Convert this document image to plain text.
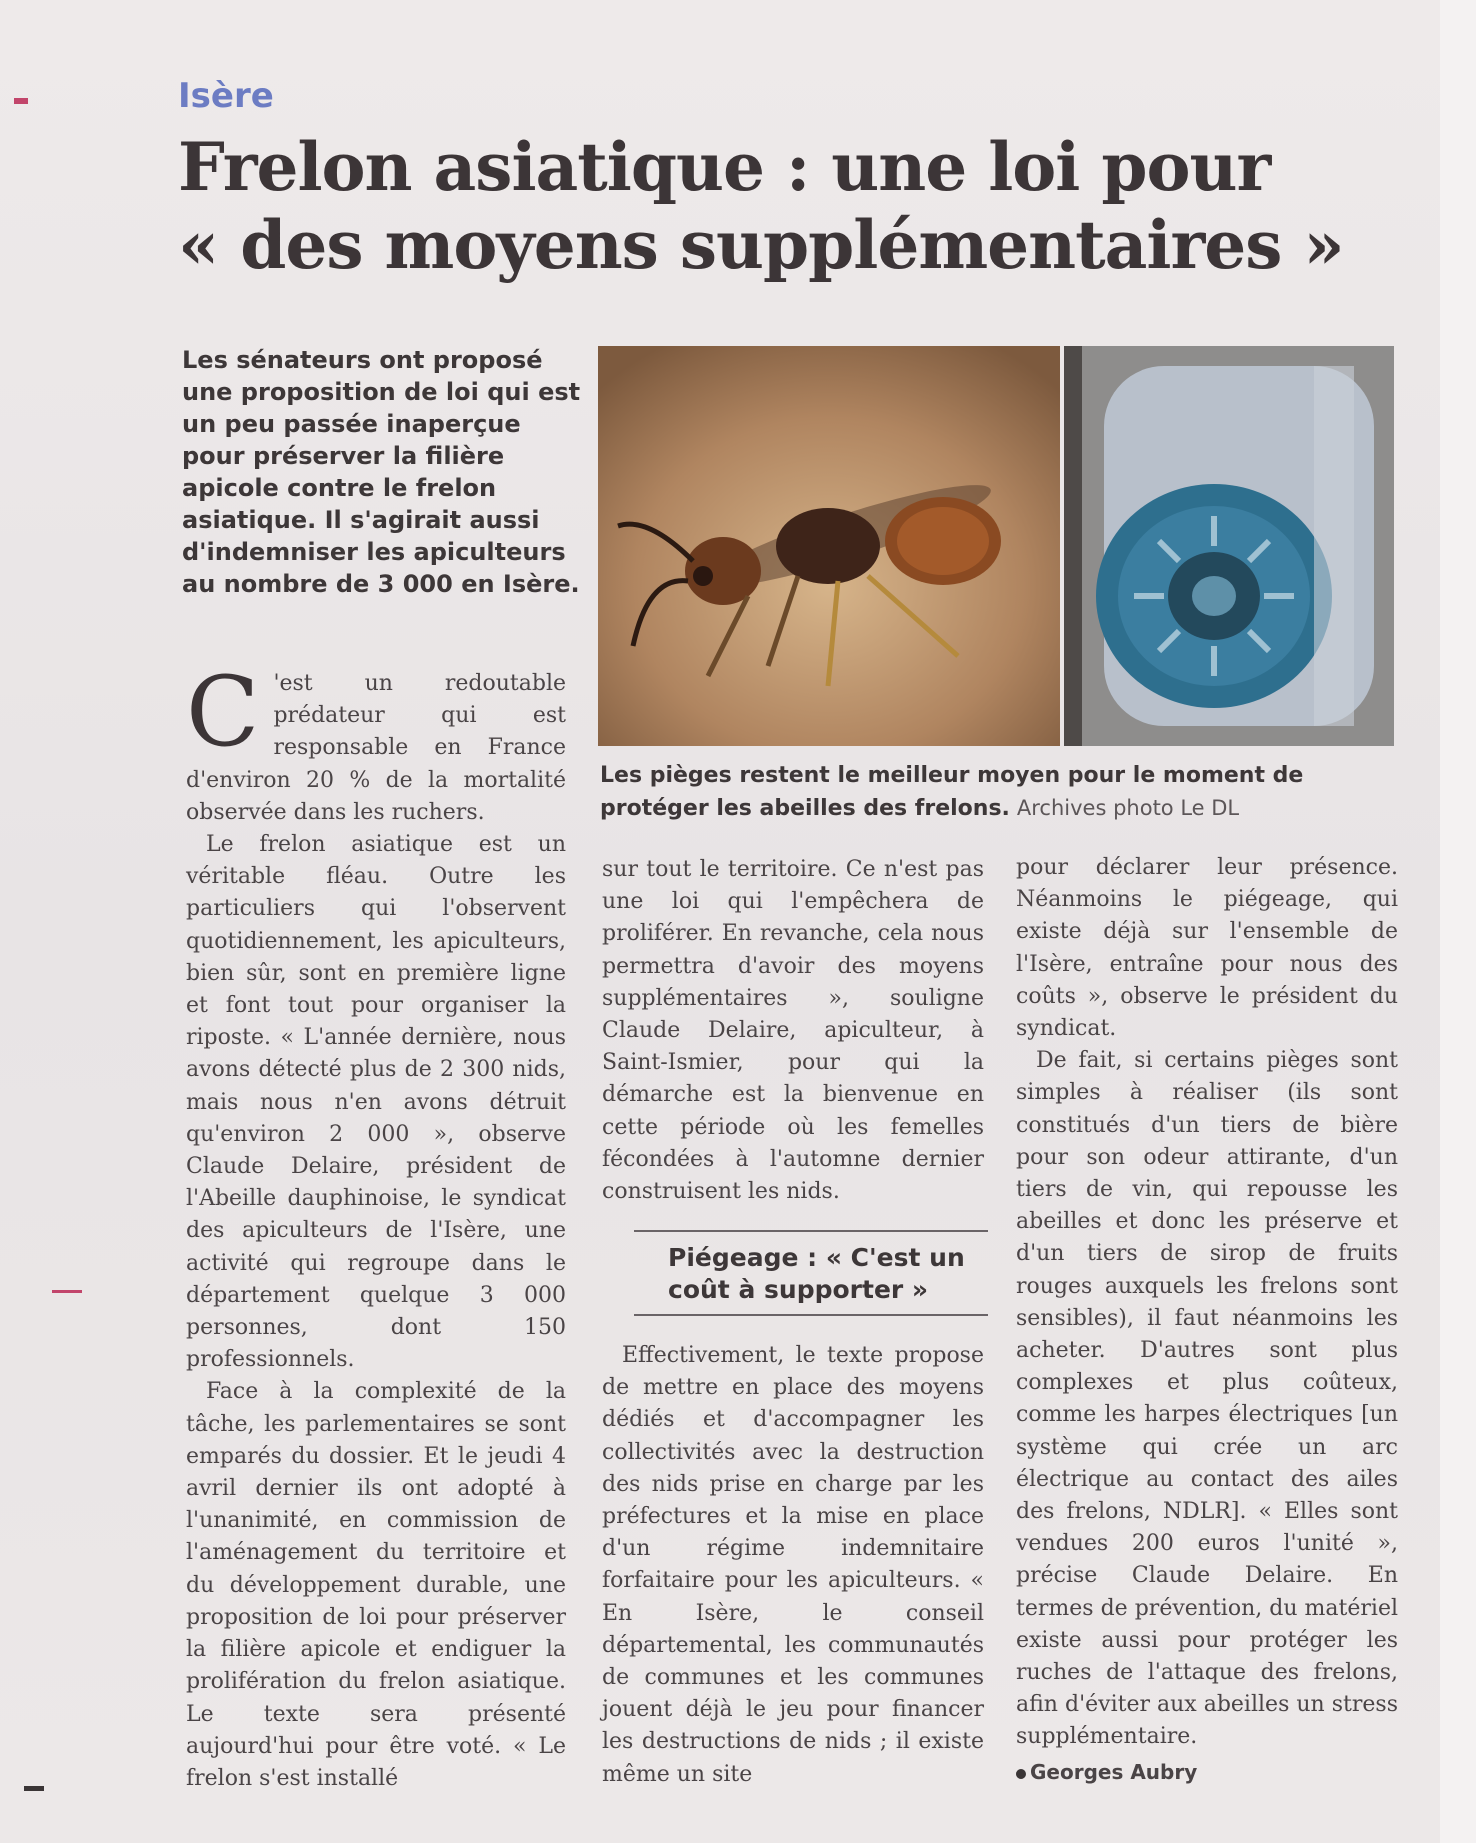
Isère
Frelon asiatique : une loi pour
« des moyens supplémentaires »
Les sénateurs ont proposé une proposition de loi qui est un peu passée inaperçue pour préserver la filière apicole contre le frelon asiatique. Il s'agirait aussi d'indemniser les apiculteurs au nombre de 3 000 en Isère.
Les pièges restent le meilleur moyen pour le moment de protéger les abeilles des frelons. Archives photo Le DL

C 'est un redoutable prédateur qui est responsable en France d'environ 20 % de la mortalité observée dans les ruchers.

Le frelon asiatique est un véritable fléau. Outre les particuliers qui l'observent quotidiennement, les apiculteurs, bien sûr, sont en première ligne et font tout pour organiser la riposte. « L'année dernière, nous avons détecté plus de 2 300 nids, mais nous n'en avons détruit qu'environ 2 000 », observe Claude Delaire, président de l'Abeille dauphinoise, le syndicat des apiculteurs de l'Isère, une activité qui regroupe dans le département quelque 3 000 personnes, dont 150 professionnels.

Face à la complexité de la tâche, les parlementaires se sont emparés du dossier. Et le jeudi 4 avril dernier ils ont adopté à l'unanimité, en commission de l'aménagement du territoire et du développement durable, une proposition de loi pour préserver la filière apicole et endiguer la prolifération du frelon asiatique. Le texte sera présenté aujourd'hui pour être voté. « Le frelon s'est installé

sur tout le territoire. Ce n'est pas une loi qui l'empêchera de proliférer. En revanche, cela nous permettra d'avoir des moyens supplémentaires », souligne Claude Delaire, apiculteur, à Saint-Ismier, pour qui la démarche est la bienvenue en cette période où les femelles fécondées à l'automne dernier construisent les nids.

Piégeage : « C'est un coût à supporter »

Effectivement, le texte propose de mettre en place des moyens dédiés et d'accompagner les collectivités avec la destruction des nids prise en charge par les préfectures et la mise en place d'un régime indemnitaire forfaitaire pour les apiculteurs. « En Isère, le conseil départemental, les communautés de communes et les communes jouent déjà le jeu pour financer les destructions de nids ; il existe même un site

pour déclarer leur présence. Néanmoins le piégeage, qui existe déjà sur l'ensemble de l'Isère, entraîne pour nous des coûts », observe le président du syndicat.

De fait, si certains pièges sont simples à réaliser (ils sont constitués d'un tiers de bière pour son odeur attirante, d'un tiers de vin, qui repousse les abeilles et donc les préserve et d'un tiers de sirop de fruits rouges auxquels les frelons sont sensibles), il faut néanmoins les acheter. D'autres sont plus complexes et plus coûteux, comme les harpes électriques [un système qui crée un arc électrique au contact des ailes des frelons, NDLR]. « Elles sont vendues 200 euros l'unité », précise Claude Delaire. En termes de prévention, du matériel existe aussi pour protéger les ruches de l'attaque des frelons, afin d'éviter aux abeilles un stress supplémentaire.

Georges Aubry
